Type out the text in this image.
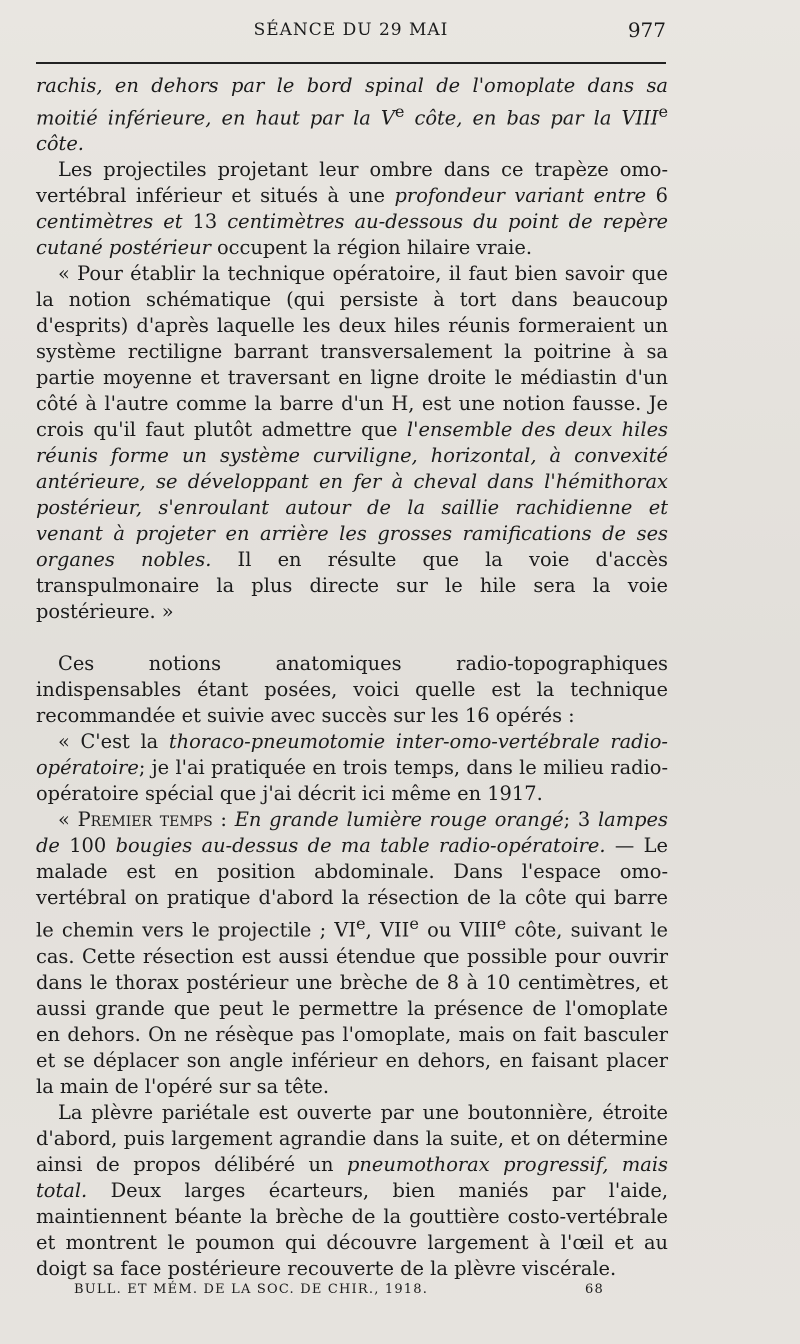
SÉANCE DU 29 MAI	977

rachis, en dehors par le bord spinal de l'omoplate dans sa moitié inférieure, en haut par la Ve côte, en bas par la VIIIe côte.

Les projectiles projetant leur ombre dans ce trapèze omo-vertébral inférieur et situés à une profondeur variant entre 6 centimètres et 13 centimètres au-dessous du point de repère cutané postérieur occupent la région hilaire vraie.

« Pour établir la technique opératoire, il faut bien savoir que la notion schématique (qui persiste à tort dans beaucoup d'esprits) d'après laquelle les deux hiles réunis formeraient un système rectiligne barrant transversalement la poitrine à sa partie moyenne et traversant en ligne droite le médiastin d'un côté à l'autre comme la barre d'un H, est une notion fausse. Je crois qu'il faut plutôt admettre que l'ensemble des deux hiles réunis forme un système curviligne, horizontal, à convexité antérieure, se développant en fer à cheval dans l'hémithorax postérieur, s'enroulant autour de la saillie rachidienne et venant à projeter en arrière les grosses ramifications de ses organes nobles. Il en résulte que la voie d'accès transpulmonaire la plus directe sur le hile sera la voie postérieure. »

Ces notions anatomiques radio-topographiques indispensables étant posées, voici quelle est la technique recommandée et suivie avec succès sur les 16 opérés :

« C'est la thoraco-pneumotomie inter-omo-vertébrale radio-opératoire; je l'ai pratiquée en trois temps, dans le milieu radio-opératoire spécial que j'ai décrit ici même en 1917.

« Premier temps : En grande lumière rouge orangé; 3 lampes de 100 bougies au-dessus de ma table radio-opératoire. — Le malade est en position abdominale. Dans l'espace omo-vertébral on pratique d'abord la résection de la côte qui barre le chemin vers le projectile ; VIe, VIIe ou VIIIe côte, suivant le cas. Cette résection est aussi étendue que possible pour ouvrir dans le thorax postérieur une brèche de 8 à 10 centimètres, et aussi grande que peut le permettre la présence de l'omoplate en dehors. On ne résèque pas l'omoplate, mais on fait basculer et se déplacer son angle inférieur en dehors, en faisant placer la main de l'opéré sur sa tête.

La plèvre pariétale est ouverte par une boutonnière, étroite d'abord, puis largement agrandie dans la suite, et on détermine ainsi de propos délibéré un pneumothorax progressif, mais total. Deux larges écarteurs, bien maniés par l'aide, maintiennent béante la brèche de la gouttière costo-vertébrale et montrent le poumon qui découvre largement à l'œil et au doigt sa face postérieure recouverte de la plèvre viscérale.

BULL. ET MÉM. DE LA SOC. DE CHIR., 1918.	68
